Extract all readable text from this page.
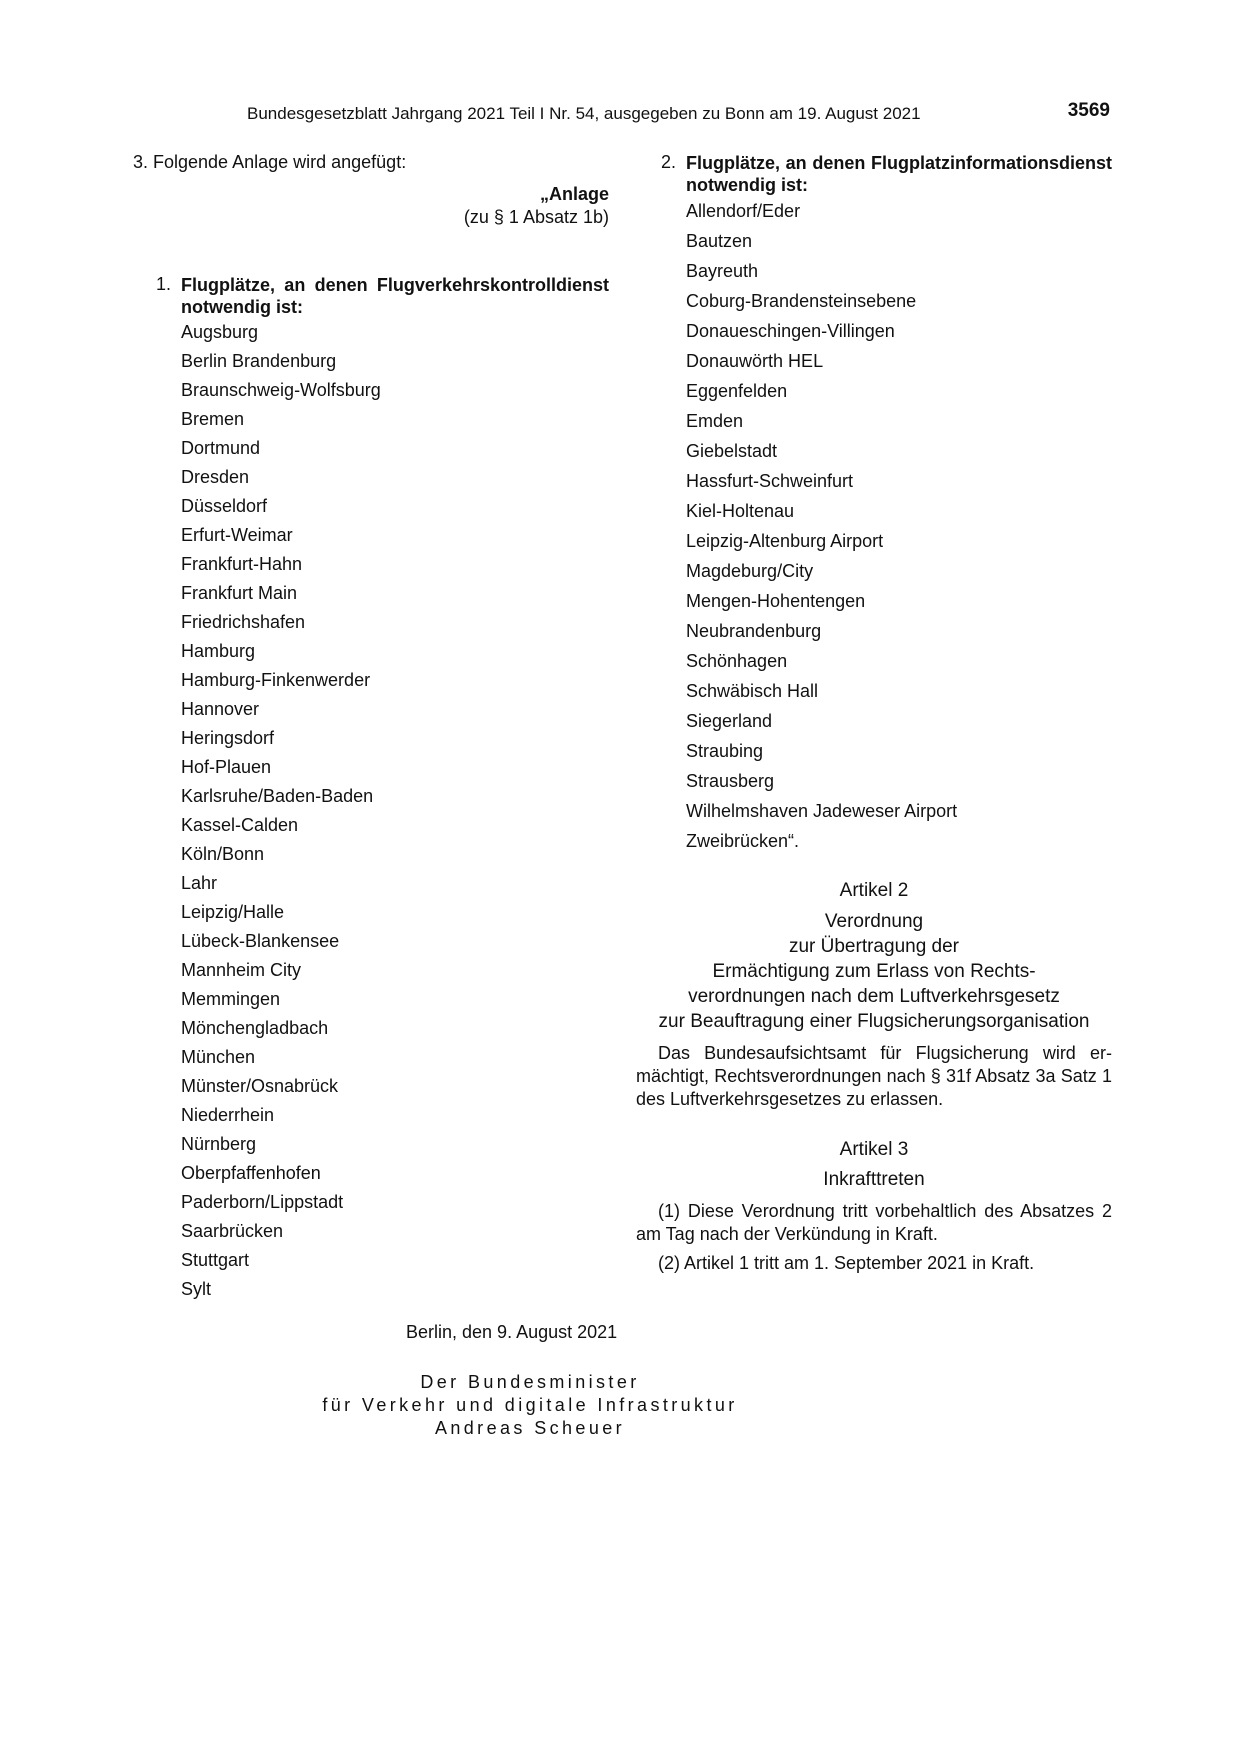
Bundesgesetzblatt Jahrgang 2021 Teil I Nr. 54, ausgegeben zu Bonn am 19. August 2021	3569
3. Folgende Anlage wird angefügt:
„Anlage
(zu § 1 Absatz 1b)
1. Flugplätze, an denen Flugverkehrskontrolldienst notwendig ist:
Augsburg
Berlin Brandenburg
Braunschweig-Wolfsburg
Bremen
Dortmund
Dresden
Düsseldorf
Erfurt-Weimar
Frankfurt-Hahn
Frankfurt Main
Friedrichshafen
Hamburg
Hamburg-Finkenwerder
Hannover
Heringsdorf
Hof-Plauen
Karlsruhe/Baden-Baden
Kassel-Calden
Köln/Bonn
Lahr
Leipzig/Halle
Lübeck-Blankensee
Mannheim City
Memmingen
Mönchengladbach
München
Münster/Osnabrück
Niederrhein
Nürnberg
Oberpfaffenhofen
Paderborn/Lippstadt
Saarbrücken
Stuttgart
Sylt
2. Flugplätze, an denen Flugplatzinformationsdienst notwendig ist:
Allendorf/Eder
Bautzen
Bayreuth
Coburg-Brandensteinsebene
Donaueschingen-Villingen
Donauwörth HEL
Eggenfelden
Emden
Giebelstadt
Hassfurt-Schweinfurt
Kiel-Holtenau
Leipzig-Altenburg Airport
Magdeburg/City
Mengen-Hohentengen
Neubrandenburg
Schönhagen
Schwäbisch Hall
Siegerland
Straubing
Strausberg
Wilhelmshaven Jadeweser Airport
Zweibrücken“.
Artikel 2
Verordnung
zur Übertragung der
Ermächtigung zum Erlass von Rechts-
verordnungen nach dem Luftverkehrsgesetz
zur Beauftragung einer Flugsicherungsorganisation

Das Bundesaufsichtsamt für Flugsicherung wird ermächtigt, Rechtsverordnungen nach § 31f Absatz 3a Satz 1 des Luftverkehrsgesetzes zu erlassen.

Artikel 3
Inkrafttreten

(1) Diese Verordnung tritt vorbehaltlich des Absatzes 2 am Tag nach der Verkündung in Kraft.

(2) Artikel 1 tritt am 1. September 2021 in Kraft.

Berlin, den 9. August 2021
Der Bundesminister
für Verkehr und digitale Infrastruktur
Andreas Scheuer
